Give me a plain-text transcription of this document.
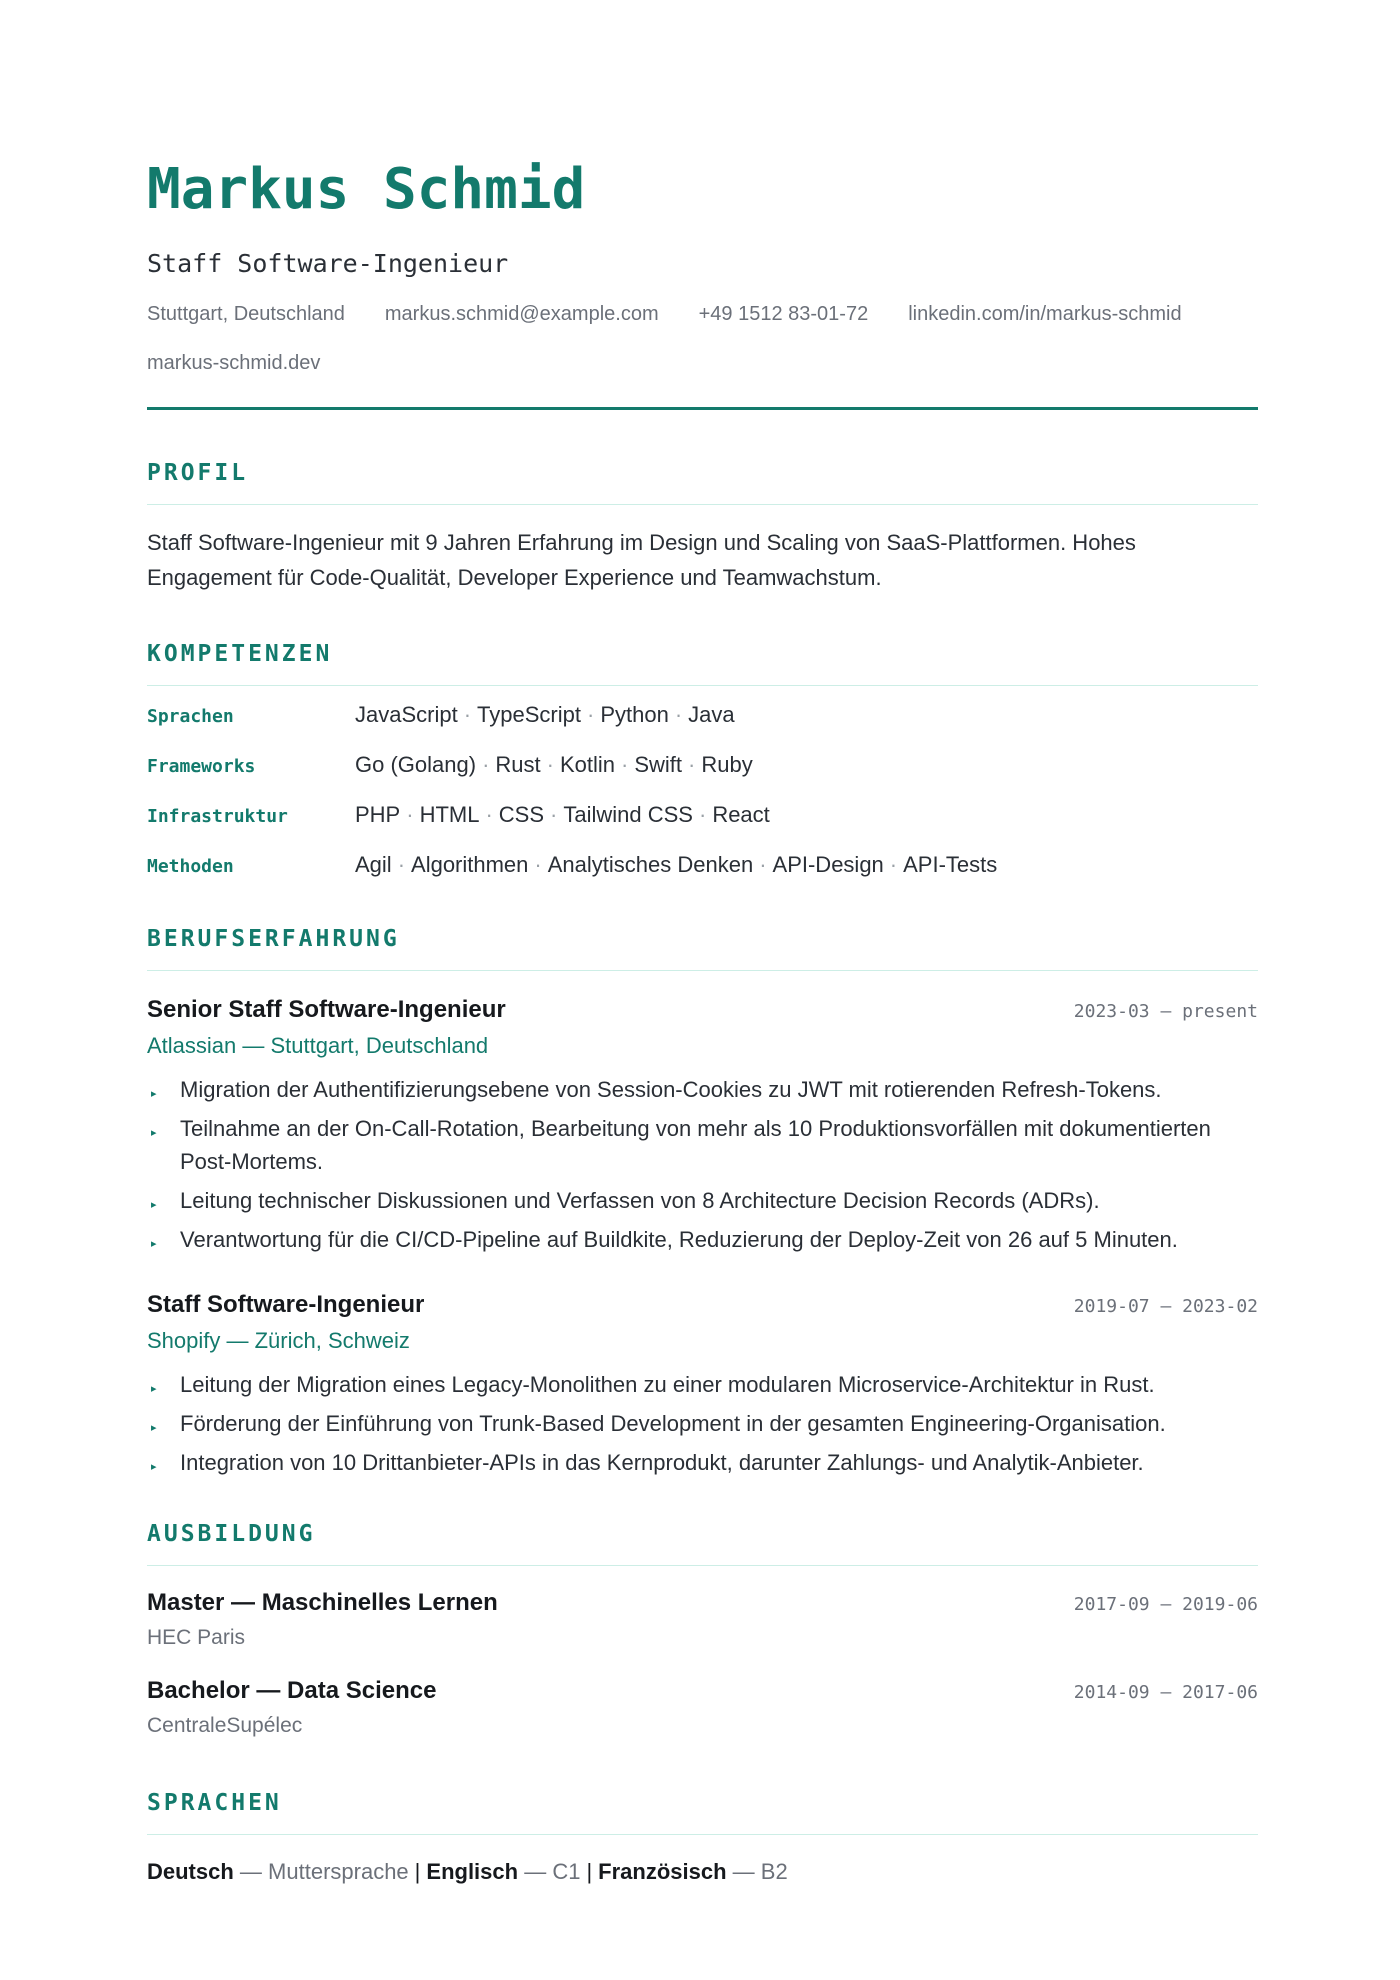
Markus Schmid
Staff Software-Ingenieur
Stuttgart, Deutschland markus.schmid@example.com +49 1512 83-01-72 linkedin.com/in/markus-schmid
markus-schmid.dev
PROFIL
Staff Software-Ingenieur mit 9 Jahren Erfahrung im Design und Scaling von SaaS-Plattformen. Hohes Engagement für Code-Qualität, Developer Experience und Teamwachstum.
KOMPETENZEN
Sprachen	JavaScript · TypeScript · Python · Java
Frameworks	Go (Golang) · Rust · Kotlin · Swift · Ruby
Infrastruktur	PHP · HTML · CSS · Tailwind CSS · React
Methoden	Agil · Algorithmen · Analytisches Denken · API-Design · API-Tests
BERUFSERFAHRUNG
Senior Staff Software-Ingenieur	2023-03 — present
Atlassian — Stuttgart, Deutschland
▸ Migration der Authentifizierungsebene von Session-Cookies zu JWT mit rotierenden Refresh-Tokens.
▸ Teilnahme an der On-Call-Rotation, Bearbeitung von mehr als 10 Produktionsvorfällen mit dokumentierten Post-Mortems.
▸ Leitung technischer Diskussionen und Verfassen von 8 Architecture Decision Records (ADRs).
▸ Verantwortung für die CI/CD-Pipeline auf Buildkite, Reduzierung der Deploy-Zeit von 26 auf 5 Minuten.
Staff Software-Ingenieur	2019-07 — 2023-02
Shopify — Zürich, Schweiz
▸ Leitung der Migration eines Legacy-Monolithen zu einer modularen Microservice-Architektur in Rust.
▸ Förderung der Einführung von Trunk-Based Development in der gesamten Engineering-Organisation.
▸ Integration von 10 Drittanbieter-APIs in das Kernprodukt, darunter Zahlungs- und Analytik-Anbieter.
AUSBILDUNG
Master — Maschinelles Lernen	2017-09 — 2019-06
HEC Paris
Bachelor — Data Science	2014-09 — 2017-06
CentraleSupélec
SPRACHEN
Deutsch — Muttersprache | Englisch — C1 | Französisch — B2
